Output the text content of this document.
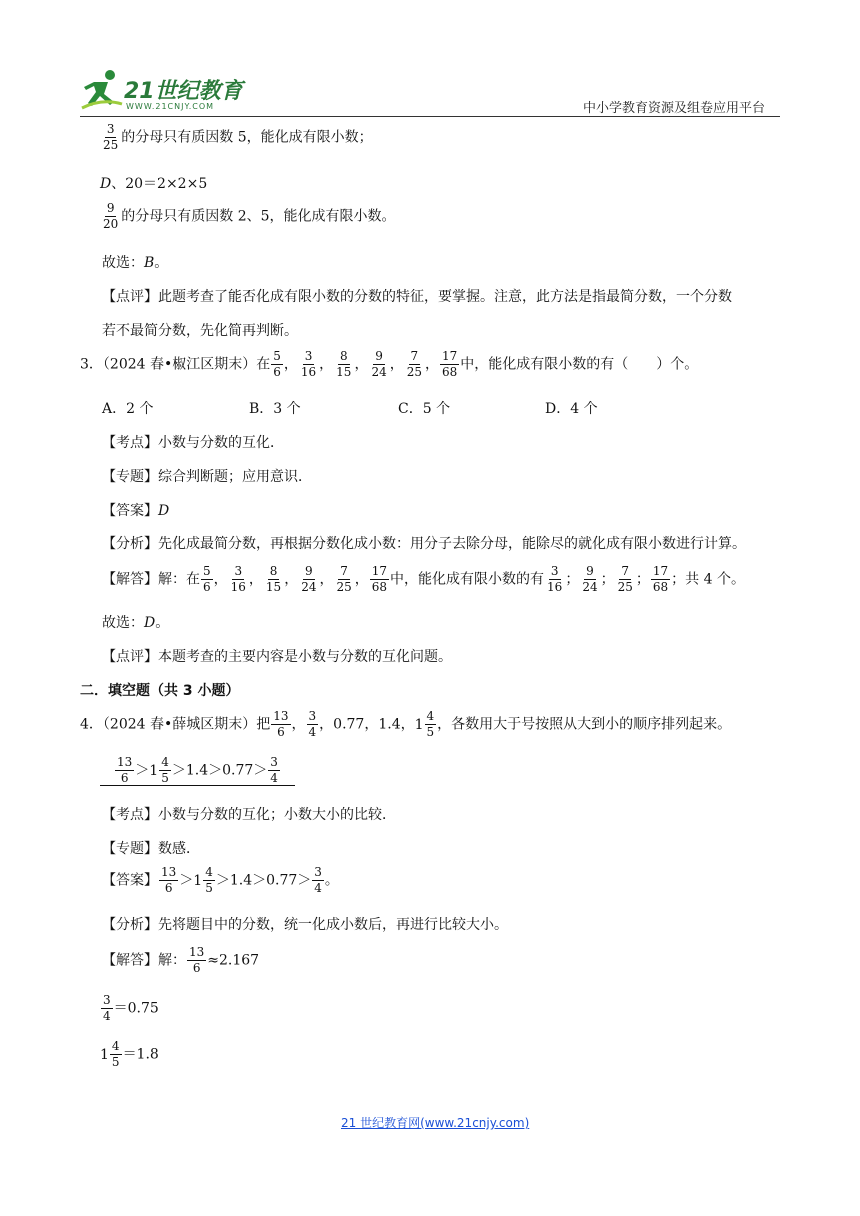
21世纪教育
WWW.21CNJY.COM	中小学教育资源及组卷应用平台
$\frac{3}{25}$ 的分母只有质因数 5，能化成有限小数；
D、20＝2×2×5
$\frac{9}{20}$ 的分母只有质因数 2、5，能化成有限小数。
故选：B。
【点评】此题考查了能否化成有限小数的分数的特征，要掌握。注意，此方法是指最简分数，一个分数
若不最简分数，先化简再判断。
3．（2024 春•椒江区期末）在 $\frac{5}{6}$ ， $\frac{3}{16}$ ， $\frac{8}{15}$ ， $\frac{9}{24}$ ， $\frac{7}{25}$ ， $\frac{17}{68}$ 中，能化成有限小数的有（　　）个。
A．2 个	B．3 个	C．5 个	D．4 个
【考点】小数与分数的互化．
【专题】综合判断题；应用意识．
【答案】D
【分析】先化成最简分数，再根据分数化成小数：用分子去除分母，能除尽的就化成有限小数进行计算。
【解答】解：在 $\frac{5}{6}$ ， $\frac{3}{16}$ ， $\frac{8}{15}$ ， $\frac{9}{24}$ ， $\frac{7}{25}$ ， $\frac{17}{68}$ 中，能化成有限小数的有 $\frac{3}{16}$ ； $\frac{9}{24}$ ； $\frac{7}{25}$ ； $\frac{17}{68}$ ；共 4 个。
故选：D。
【点评】本题考查的主要内容是小数与分数的互化问题。
二．填空题（共 3 小题）
4．（2024 春•薛城区期末）把 $\frac{13}{6}$ ， $\frac{3}{4}$ ，0.77，1.4， $1 \frac{4}{5}$ ，各数用大于号按照从大到小的顺序排列起来。
$\frac{13}{6} > 1 \frac{4}{5} >1.4>0.77> \frac{3}{4}$
【考点】小数与分数的互化；小数大小的比较．
【专题】数感．
【答案】 $\frac{13}{6} > 1 \frac{4}{5} >1.4>0.77> \frac{3}{4}$ 。
【分析】先将题目中的分数，统一化成小数后，再进行比较大小。
【解答】解： $\frac{13}{6} \approx 2.167$
$\frac{3}{4} =0.75$
$1 \frac{4}{5} =1.8$
21 世纪教育网(www.21cnjy.com)
